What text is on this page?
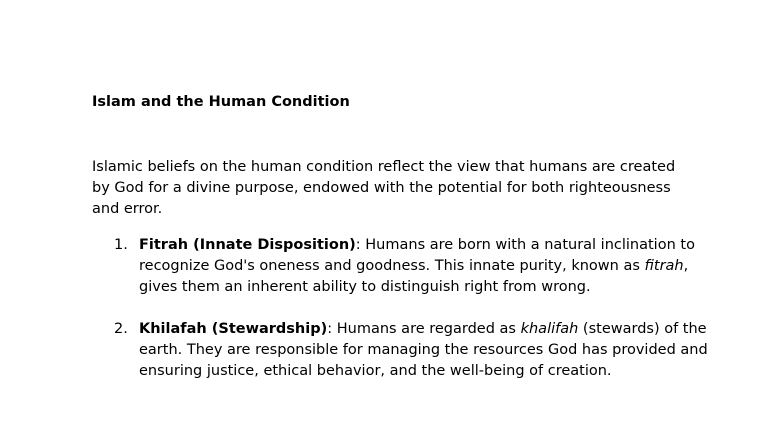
Islam and the Human Condition

Islamic beliefs on the human condition reflect the view that humans are created by God for a divine purpose, endowed with the potential for both righteousness and error.

1. Fitrah (Innate Disposition): Humans are born with a natural inclination to recognize God's oneness and goodness. This innate purity, known as fitrah, gives them an inherent ability to distinguish right from wrong.
2. Khilafah (Stewardship): Humans are regarded as khalifah (stewards) of the earth. They are responsible for managing the resources God has provided and ensuring justice, ethical behavior, and the well-being of creation.
